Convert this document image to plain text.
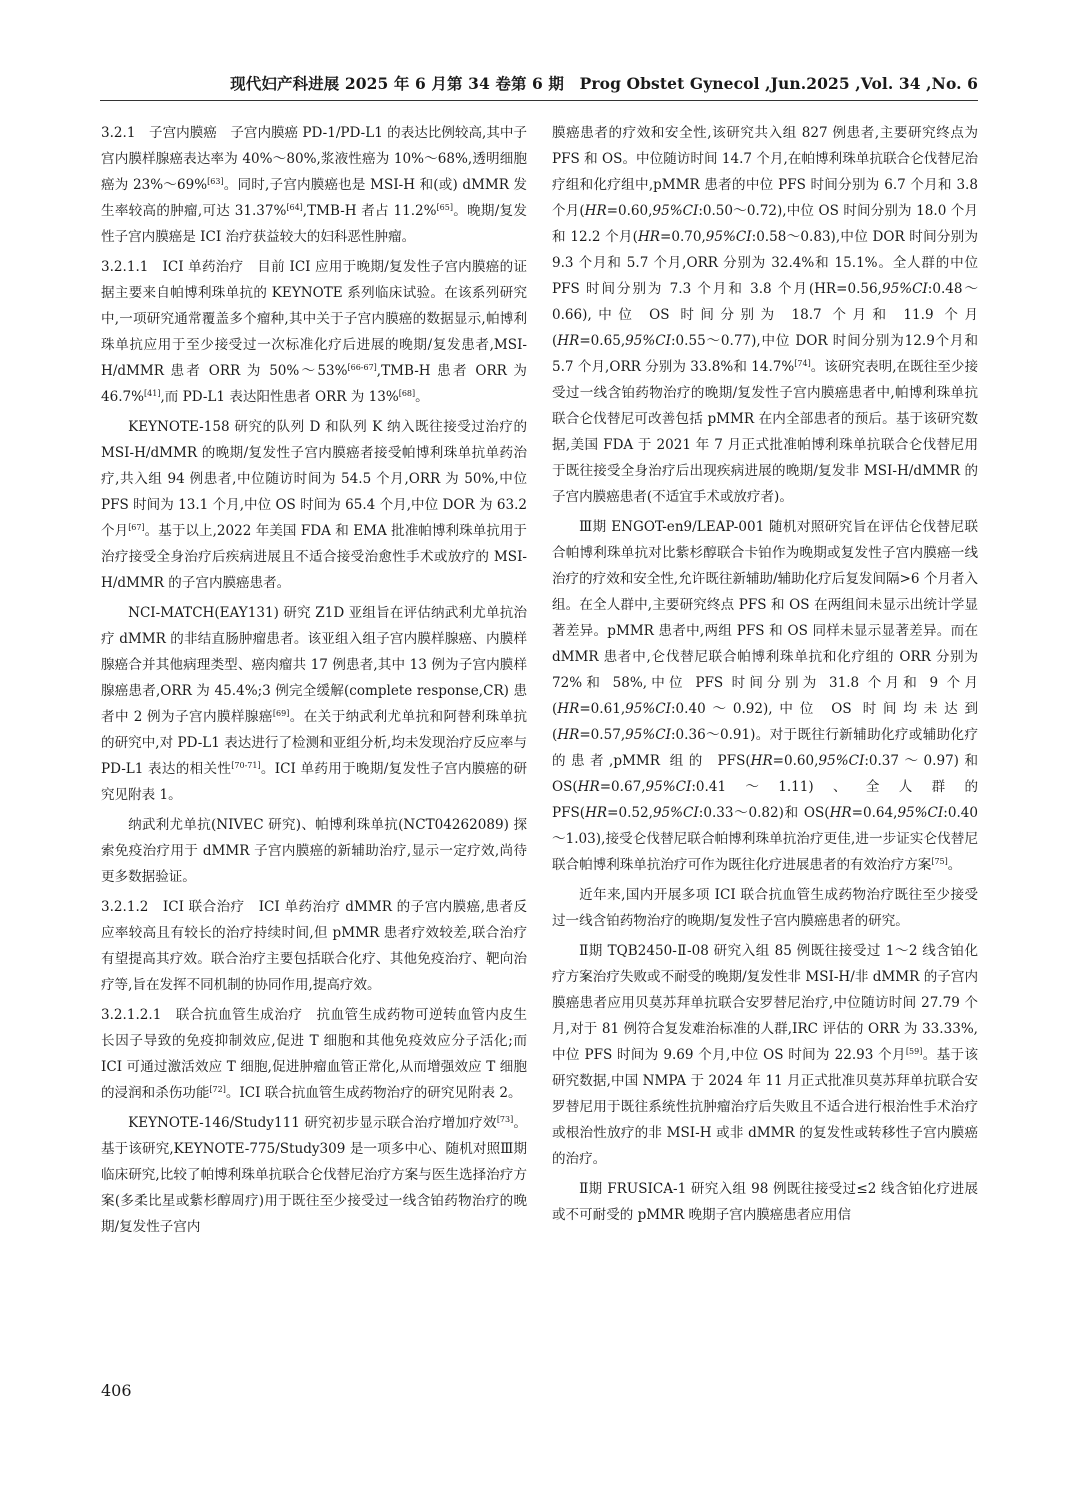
现代妇产科进展 2025 年 6 月第 34 卷第 6 期　Prog Obstet Gynecol ,Jun.2025 ,Vol. 34 ,No. 6

3.2.1　子宫内膜癌　子宫内膜癌 PD-1/PD-L1 的表达比例较高,其中子宫内膜样腺癌表达率为 40%～80%,浆液性癌为 10%～68%,透明细胞癌为 23%～69%[63]。同时,子宫内膜癌也是 MSI-H 和(或) dMMR 发生率较高的肿瘤,可达 31.37%[64],TMB-H 者占 11.2%[65]。晚期/复发性子宫内膜癌是 ICI 治疗获益较大的妇科恶性肿瘤。

3.2.1.1　ICI 单药治疗　目前 ICI 应用于晚期/复发性子宫内膜癌的证据主要来自帕博利珠单抗的 KEYNOTE 系列临床试验。在该系列研究中,一项研究通常覆盖多个瘤种,其中关于子宫内膜癌的数据显示,帕博利珠单抗应用于至少接受过一次标准化疗后进展的晚期/复发患者,MSI-H/dMMR 患者 ORR 为 50%～53%[66-67],TMB-H 患者 ORR 为 46.7%[41],而 PD-L1 表达阳性患者 ORR 为 13%[68]。

KEYNOTE-158 研究的队列 D 和队列 K 纳入既往接受过治疗的 MSI-H/dMMR 的晚期/复发性子宫内膜癌者接受帕博利珠单抗单药治疗,共入组 94 例患者,中位随访时间为 54.5 个月,ORR 为 50%,中位 PFS 时间为 13.1 个月,中位 OS 时间为 65.4 个月,中位 DOR 为 63.2 个月[67]。基于以上,2022 年美国 FDA 和 EMA 批准帕博利珠单抗用于治疗接受全身治疗后疾病进展且不适合接受治愈性手术或放疗的 MSI-H/dMMR 的子宫内膜癌患者。

NCI-MATCH(EAY131) 研究 Z1D 亚组旨在评估纳武利尤单抗治疗 dMMR 的非结直肠肿瘤患者。该亚组入组子宫内膜样腺癌、内膜样腺癌合并其他病理类型、癌肉瘤共 17 例患者,其中 13 例为子宫内膜样腺癌患者,ORR 为 45.4%;3 例完全缓解(complete response,CR) 患者中 2 例为子宫内膜样腺癌[69]。在关于纳武利尤单抗和阿替利珠单抗的研究中,对 PD-L1 表达进行了检测和亚组分析,均未发现治疗反应率与 PD-L1 表达的相关性[70-71]。ICI 单药用于晚期/复发性子宫内膜癌的研究见附表 1。

纳武利尤单抗(NIVEC 研究)、帕博利珠单抗(NCT04262089) 探索免疫治疗用于 dMMR 子宫内膜癌的新辅助治疗,显示一定疗效,尚待更多数据验证。

3.2.1.2　ICI 联合治疗　ICI 单药治疗 dMMR 的子宫内膜癌,患者反应率较高且有较长的治疗持续时间,但 pMMR 患者疗效较差,联合治疗有望提高其疗效。联合治疗主要包括联合化疗、其他免疫治疗、靶向治疗等,旨在发挥不同机制的协同作用,提高疗效。

3.2.1.2.1　联合抗血管生成治疗　抗血管生成药物可逆转血管内皮生长因子导致的免疫抑制效应,促进 T 细胞和其他免疫效应分子活化;而 ICI 可通过激活效应 T 细胞,促进肿瘤血管正常化,从而增强效应 T 细胞的浸润和杀伤功能[72]。ICI 联合抗血管生成药物治疗的研究见附表 2。

KEYNOTE-146/Study111 研究初步显示联合治疗增加疗效[73]。基于该研究,KEYNOTE-775/Study309 是一项多中心、随机对照Ⅲ期临床研究,比较了帕博利珠单抗联合仑伐替尼治疗方案与医生选择治疗方案(多柔比星或紫杉醇周疗)用于既往至少接受过一线含铂药物治疗的晚期/复发性子宫内

膜癌患者的疗效和安全性,该研究共入组 827 例患者,主要研究终点为 PFS 和 OS。中位随访时间 14.7 个月,在帕博利珠单抗联合仑伐替尼治疗组和化疗组中,pMMR 患者的中位 PFS 时间分别为 6.7 个月和 3.8 个月(HR=0.60,95%CI:0.50～0.72),中位 OS 时间分别为 18.0 个月和 12.2 个月(HR=0.70,95%CI:0.58～0.83),中位 DOR 时间分别为 9.3 个月和 5.7 个月,ORR 分别为 32.4%和 15.1%。全人群的中位 PFS 时间分别为 7.3 个月和 3.8 个月(HR=0.56,95%CI:0.48～0.66),中位 OS 时间分别为 18.7 个月和 11.9 个月(HR=0.65,95%CI:0.55～0.77),中位 DOR 时间分别为12.9个月和 5.7 个月,ORR 分别为 33.8%和 14.7%[74]。该研究表明,在既往至少接受过一线含铂药物治疗的晚期/复发性子宫内膜癌患者中,帕博利珠单抗联合仑伐替尼可改善包括 pMMR 在内全部患者的预后。基于该研究数据,美国 FDA 于 2021 年 7 月正式批准帕博利珠单抗联合仑伐替尼用于既往接受全身治疗后出现疾病进展的晚期/复发非 MSI-H/dMMR 的子宫内膜癌患者(不适宜手术或放疗者)。

Ⅲ期 ENGOT-en9/LEAP-001 随机对照研究旨在评估仑伐替尼联合帕博利珠单抗对比紫杉醇联合卡铂作为晚期或复发性子宫内膜癌一线治疗的疗效和安全性,允许既往新辅助/辅助化疗后复发间隔>6 个月者入组。在全人群中,主要研究终点 PFS 和 OS 在两组间未显示出统计学显著差异。pMMR 患者中,两组 PFS 和 OS 同样未显示显著差异。而在 dMMR 患者中,仑伐替尼联合帕博利珠单抗和化疗组的 ORR 分别为 72%和 58%,中位 PFS 时间分别为 31.8 个月和 9 个月(HR=0.61,95%CI:0.40～0.92),中位 OS 时间均未达到(HR=0.57,95%CI:0.36～0.91)。对于既往行新辅助化疗或辅助化疗的患者,pMMR 组的 PFS(HR=0.60,95%CI:0.37～0.97)和 OS(HR=0.67,95%CI:0.41～1.11)、全人群的 PFS(HR=0.52,95%CI:0.33～0.82)和 OS(HR=0.64,95%CI:0.40～1.03),接受仑伐替尼联合帕博利珠单抗治疗更佳,进一步证实仑伐替尼联合帕博利珠单抗治疗可作为既往化疗进展患者的有效治疗方案[75]。

近年来,国内开展多项 ICI 联合抗血管生成药物治疗既往至少接受过一线含铂药物治疗的晚期/复发性子宫内膜癌患者的研究。

Ⅱ期 TQB2450-Ⅱ-08 研究入组 85 例既往接受过 1～2 线含铂化疗方案治疗失败或不耐受的晚期/复发性非 MSI-H/非 dMMR 的子宫内膜癌患者应用贝莫苏拜单抗联合安罗替尼治疗,中位随访时间 27.79 个月,对于 81 例符合复发难治标准的人群,IRC 评估的 ORR 为 33.33%,中位 PFS 时间为 9.69 个月,中位 OS 时间为 22.93 个月[59]。基于该研究数据,中国 NMPA 于 2024 年 11 月正式批准贝莫苏拜单抗联合安罗替尼用于既往系统性抗肿瘤治疗后失败且不适合进行根治性手术治疗或根治性放疗的非 MSI-H 或非 dMMR 的复发性或转移性子宫内膜癌的治疗。

Ⅱ期 FRUSICA-1 研究入组 98 例既往接受过≤2 线含铂化疗进展或不可耐受的 pMMR 晚期子宫内膜癌患者应用信

406
